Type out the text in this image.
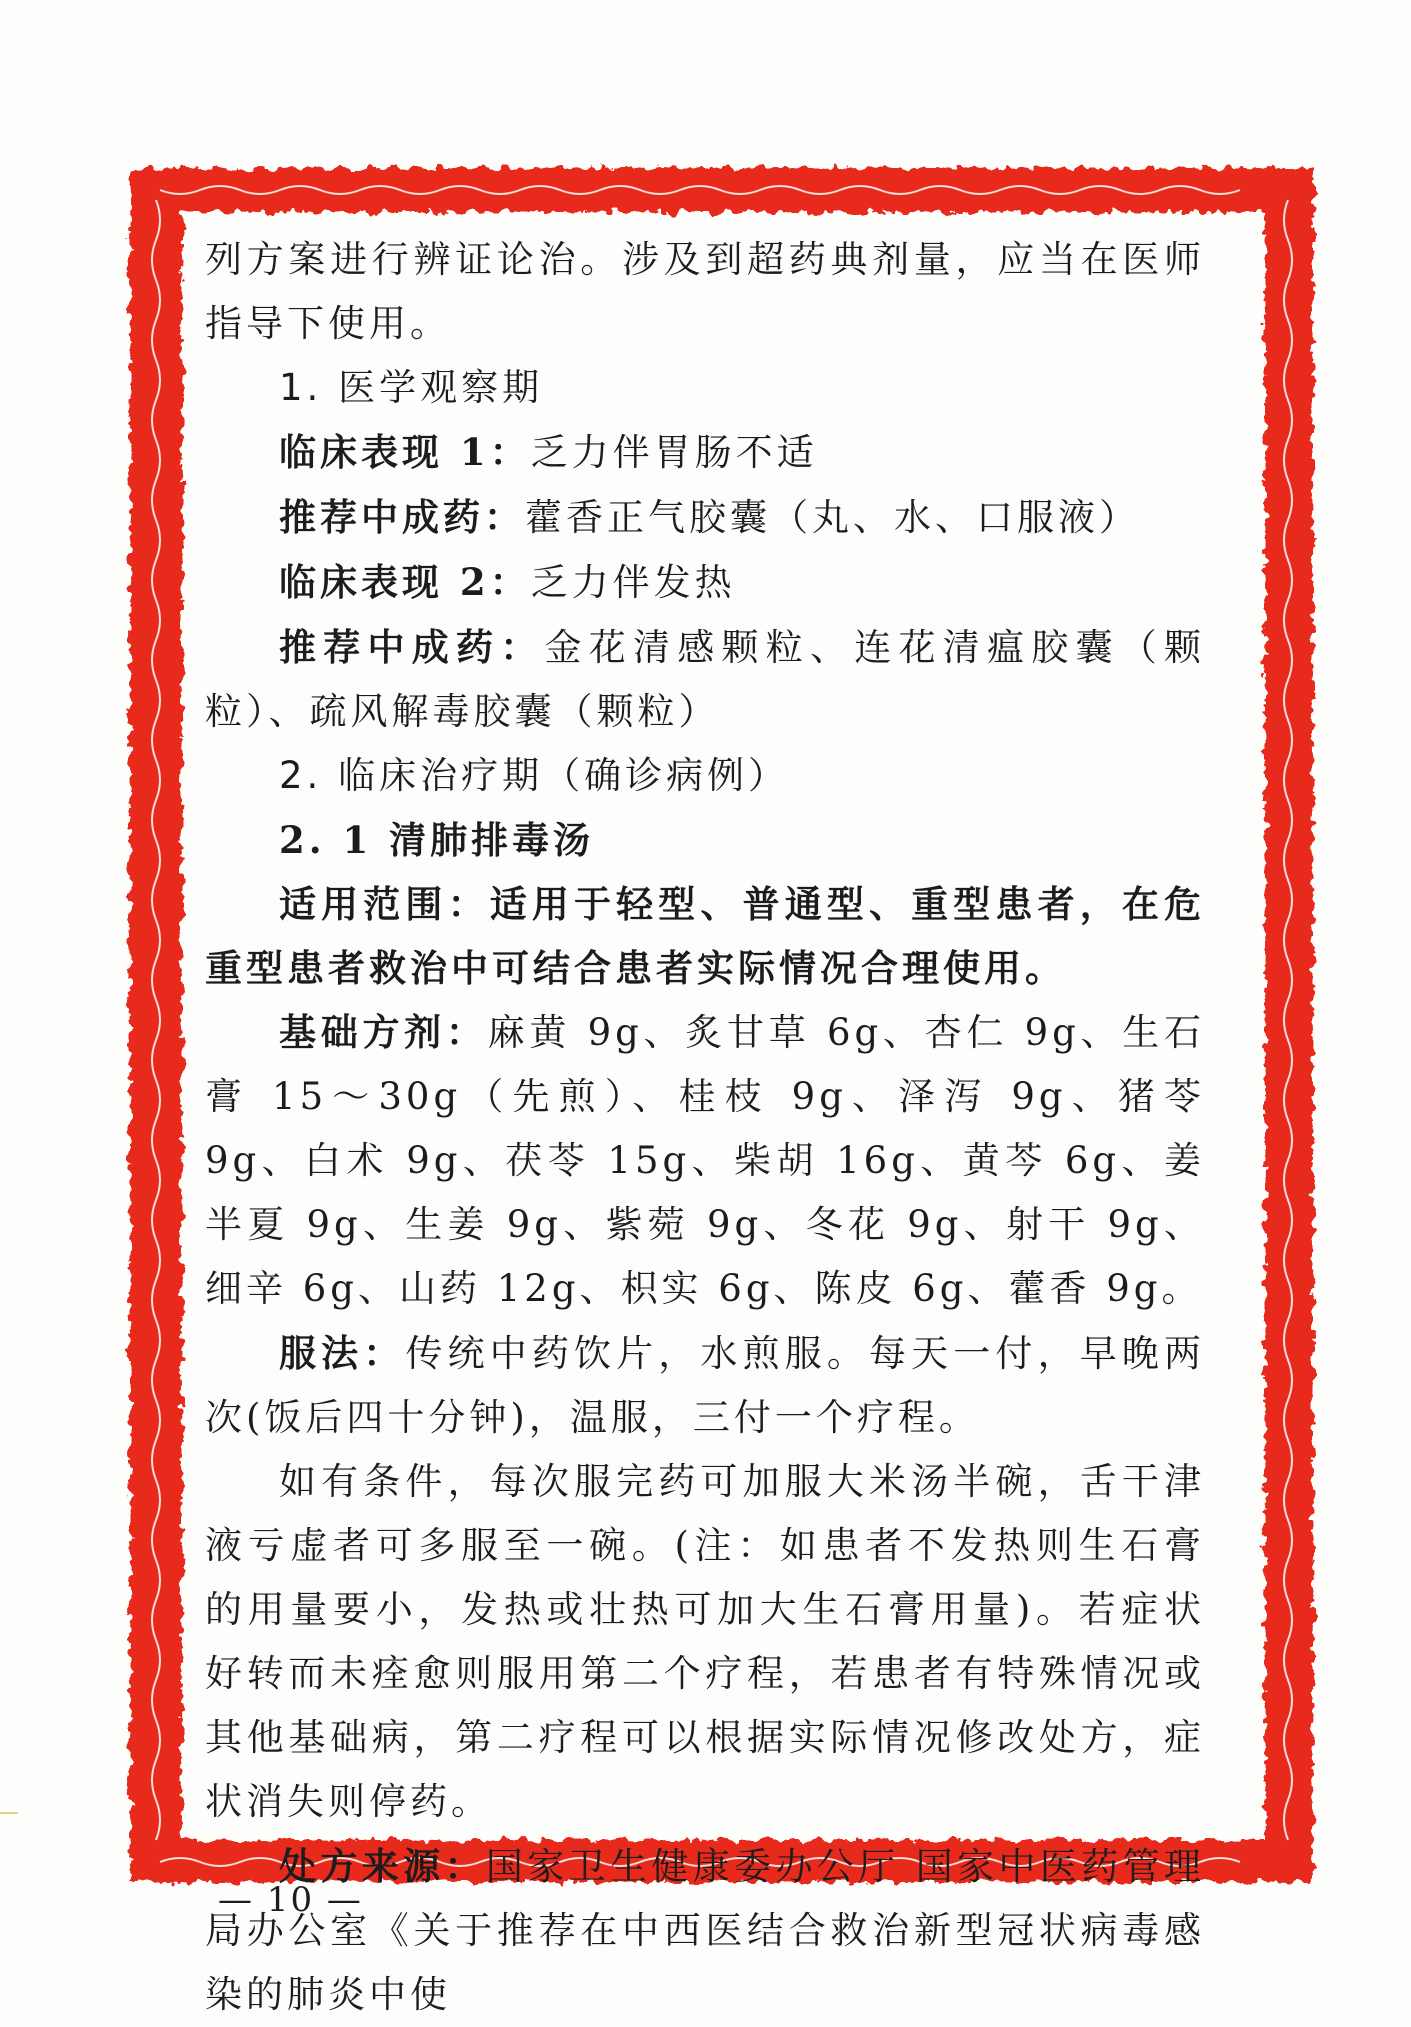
列方案进行辨证论治。涉及到超药典剂量，应当在医师指导下使用。

1. 医学观察期

临床表现 1：乏力伴胃肠不适

推荐中成药：藿香正气胶囊（丸、水、口服液）

临床表现 2：乏力伴发热

推荐中成药：金花清感颗粒、连花清瘟胶囊（颗粒）、疏风解毒胶囊（颗粒）

2. 临床治疗期（确诊病例）

2. 1 清肺排毒汤

适用范围：适用于轻型、普通型、重型患者，在危重型患者救治中可结合患者实际情况合理使用。

基础方剂：麻黄 9g、炙甘草 6g、杏仁 9g、生石膏 15～30g（先煎）、桂枝 9g、泽泻 9g、猪苓 9g、白术 9g、茯苓 15g、柴胡 16g、黄芩 6g、姜半夏 9g、生姜 9g、紫菀 9g、冬花 9g、射干 9g、细辛 6g、山药 12g、枳实 6g、陈皮 6g、藿香 9g。

服法：传统中药饮片，水煎服。每天一付，早晚两次(饭后四十分钟)，温服，三付一个疗程。

如有条件，每次服完药可加服大米汤半碗，舌干津液亏虚者可多服至一碗。(注：如患者不发热则生石膏的用量要小，发热或壮热可加大生石膏用量)。若症状好转而未痊愈则服用第二个疗程，若患者有特殊情况或其他基础病，第二疗程可以根据实际情况修改处方，症状消失则停药。

处方来源：国家卫生健康委办公厅 国家中医药管理局办公室《关于推荐在中西医结合救治新型冠状病毒感染的肺炎中使

— 10 —
